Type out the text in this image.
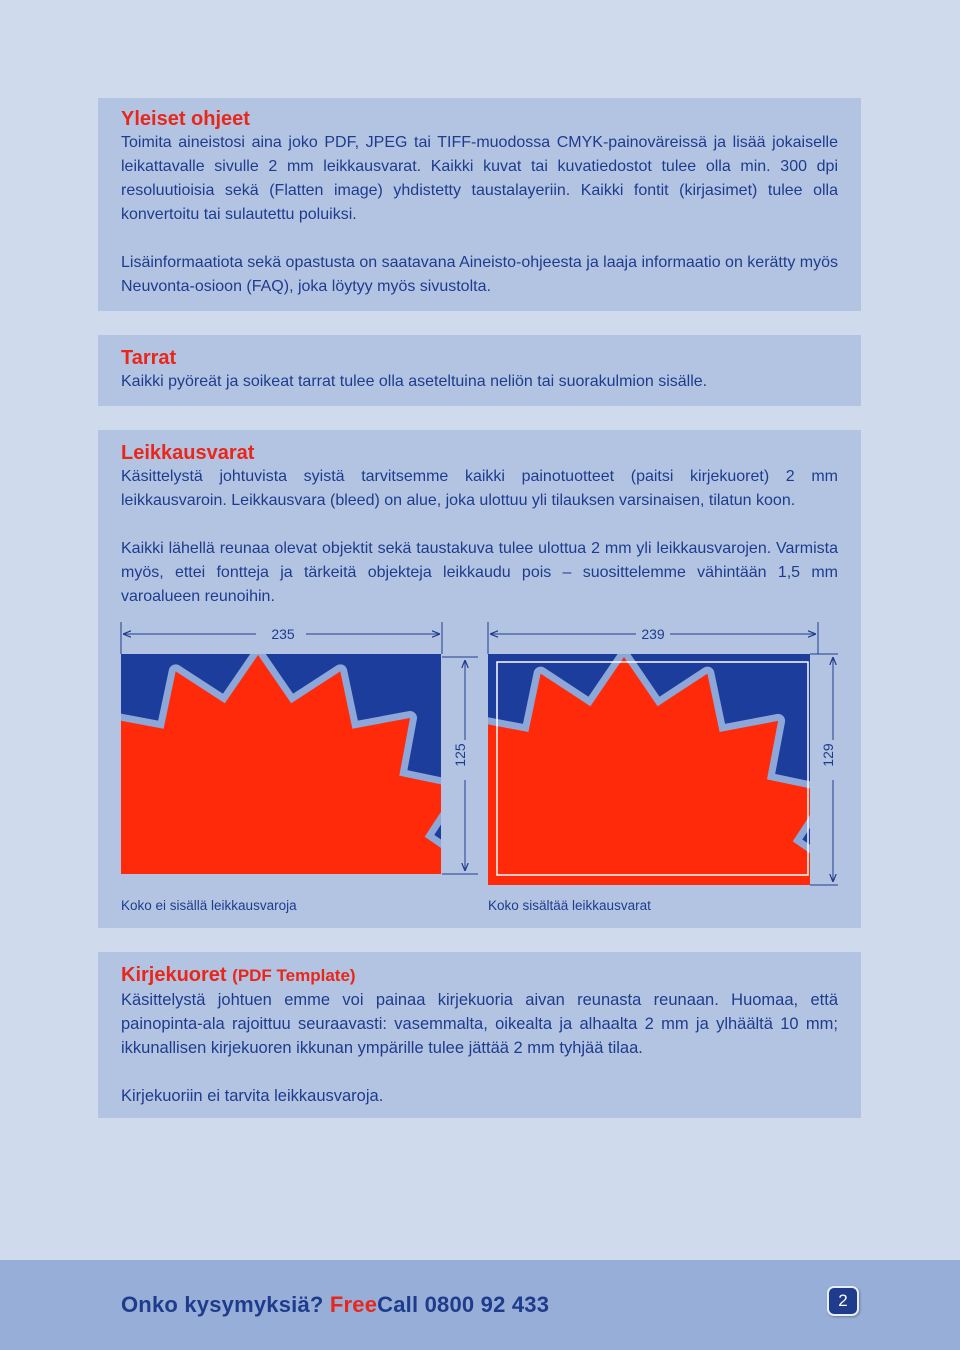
Yleiset ohjeet

Toimita aineistosi aina joko PDF, JPEG tai TIFF-muodossa CMYK-painoväreissä ja lisää jokaiselle leikattavalle sivulle 2 mm leikkausvarat. Kaikki kuvat tai kuvatiedostot tulee olla min. 300 dpi resoluutioisia sekä (Flatten image) yhdistetty taustalayeriin. Kaikki fontit (kirjasimet) tulee olla konvertoitu tai sulautettu poluiksi.

Lisäinformaatiota sekä opastusta on saatavana Aineisto-ohjeesta ja laaja informaatio on kerätty myös Neuvonta-osioon (FAQ), joka löytyy myös sivustolta.

Tarrat

Kaikki pyöreät ja soikeat tarrat tulee olla aseteltuina neliön tai suorakulmion sisälle.

Leikkausvarat

Käsittelystä johtuvista syistä tarvitsemme kaikki painotuotteet (paitsi kirjekuoret) 2 mm leikkausvaroin. Leikkausvara (bleed) on alue, joka ulottuu yli tilauksen varsinaisen, tilatun koon.

Kaikki lähellä reunaa olevat objektit sekä taustakuva tulee ulottua 2 mm yli leikkausvarojen. Varmista myös, ettei fontteja ja tärkeitä objekteja leikkaudu pois – suosittelemme vähintään 1,5 mm varoalueen reunoihin.

235
125
239
129
Koko ei sisällä leikkausvaroja	Koko sisältää leikkausvarat
Kirjekuoret (PDF Template)

Käsittelystä johtuen emme voi painaa kirjekuoria aivan reunasta reunaan. Huomaa, että painopinta-ala rajoittuu seuraavasti: vasemmalta, oikealta ja alhaalta 2 mm ja ylhäältä 10 mm; ikkunallisen kirjekuoren ikkunan ympärille tulee jättää 2 mm tyhjää tilaa.

Kirjekuoriin ei tarvita leikkausvaroja.

Onko kysymyksiä? FreeCall 0800 92 433	2
